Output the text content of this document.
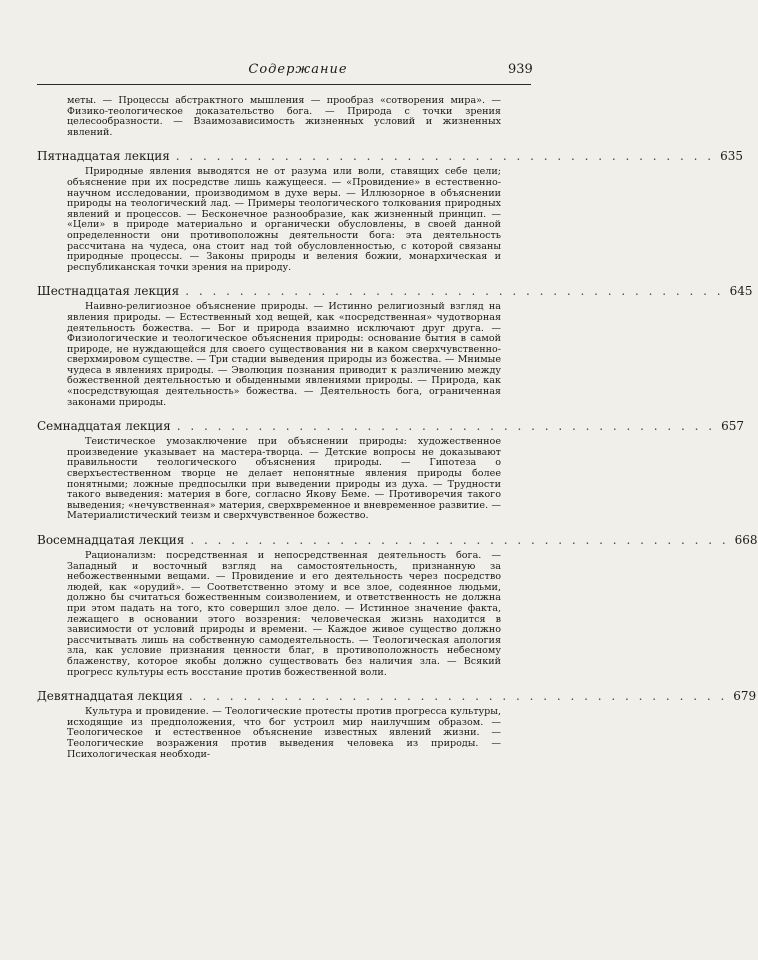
Содержание	939

меты. — Процессы абстрактного мышления — прообраз «сотворения мира». — Физико-теологическое доказательство бога. — Природа с точки зрения целесообразности. — Взаимозависимость жизненных условий и жизненных явлений.

Пятнадцатая лекция . . . . . . . . . . . . . . . . . . . . . . . . . . . . . . . . . . . . . . . . 635

Природные явления выводятся не от разума или воли, ставящих себе цели; объяснение при их посредстве лишь кажущееся. — «Провидение» в естественно-научном исследовании, производимом в духе веры. — Иллюзорное в объяснении природы на теологический лад. — Примеры теологического толкования природных явлений и процессов. — Бесконечное разнообразие, как жизненный принцип. — «Цели» в природе материально и органически обусловлены, в своей данной определенности они противоположны деятельности бога: эта деятельность рассчитана на чудеса, она стоит над той обусловленностью, с которой связаны природные процессы. — Законы природы и веления божии, монархическая и республиканская точки зрения на природу.

Шестнадцатая лекция . . . . . . . . . . . . . . . . . . . . . . . . . . . . . . . . . . . . . . . . 645

Наивно-религиозное объяснение природы. — Истинно религиозный взгляд на явления природы. — Естественный ход вещей, как «посредственная» чудотворная деятельность божества. — Бог и природа взаимно исключают друг друга. — Физиологические и теологическое объяснения природы: основание бытия в самой природе, не нуждающейся для своего существования ни в каком сверхчувственно-сверхмировом существе. — Три стадии выведения природы из божества. — Мнимые чудеса в явлениях природы. — Эволюция познания приводит к различению между божественной деятельностью и обыденными явлениями природы. — Природа, как «посредствующая деятельность» божества. — Деятельность бога, ограниченная законами природы.

Семнадцатая лекция . . . . . . . . . . . . . . . . . . . . . . . . . . . . . . . . . . . . . . . . 657

Теистическое умозаключение при объяснении природы: художественное произведение указывает на мастера-творца. — Детские вопросы не доказывают правильности теологического объяснения природы. — Гипотеза о сверхъестественном творце не делает непонятные явления природы более понятными; ложные предпосылки при выведении природы из духа. — Трудности такого выведения: материя в боге, согласно Якову Беме. — Противоречия такого выведения; «нечувственная» материя, сверхвременное и вневременное развитие. — Материалистический теизм и сверхчувственное божество.

Восемнадцатая лекция . . . . . . . . . . . . . . . . . . . . . . . . . . . . . . . . . . . . . . . . 668

Рационализм: посредственная и непосредственная деятельность бога. — Западный и восточный взгляд на самостоятельность, признанную за небожественными вещами. — Провидение и его деятельность через посредство людей, как «орудий». — Соответственно этому и все злое, содеянное людьми, должно бы считаться божественным соизволением, и ответственность не должна при этом падать на того, кто совершил злое дело. — Истинное значение факта, лежащего в основании этого воззрения: человеческая жизнь находится в зависимости от условий природы и времени. — Каждое живое существо должно рассчитывать лишь на собственную самодеятельность. — Теологическая апология зла, как условие признания ценности благ, в противоположность небесному блаженству, которое якобы должно существовать без наличия зла. — Всякий прогресс культуры есть восстание против божественной воли.

Девятнадцатая лекция . . . . . . . . . . . . . . . . . . . . . . . . . . . . . . . . . . . . . . . . 679

Культура и провидение. — Теологические протесты против прогресса культуры, исходящие из предположения, что бог устроил мир наилучшим образом. — Теологическое и естественное объяснение известных явлений жизни. — Теологические возражения против выведения человека из природы. — Психологическая необходи-
